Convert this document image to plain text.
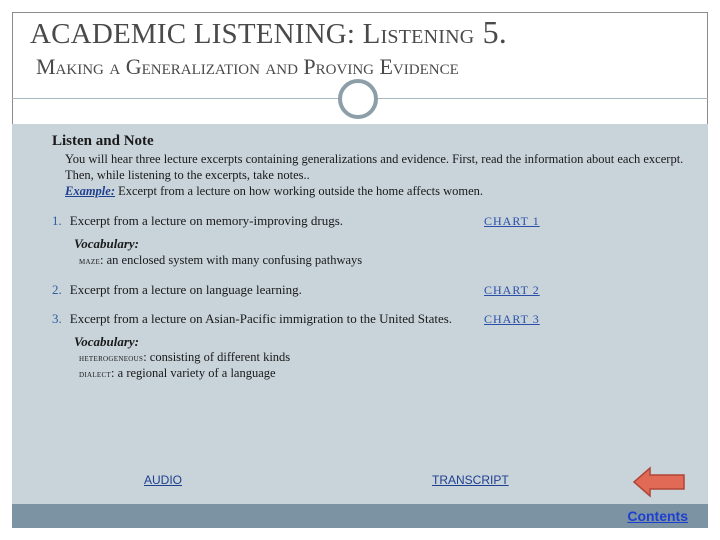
ACADEMIC LISTENING: Listening 5.
Making a Generalization and Proving Evidence
Listen and Note
You will hear three lecture excerpts containing generalizations and evidence. First, read the information about each excerpt. Then, while listening to the excerpts, take notes..
Example: Excerpt from a lecture on how working outside the home affects women.
1. Excerpt from a lecture on memory-improving drugs.	CHART 1
Vocabulary:
maze: an enclosed system with many confusing pathways
2. Excerpt from a lecture on language learning.	CHART 2
3. Excerpt from a lecture on Asian-Pacific immigration to the United States.	CHART 3
Vocabulary:
heterogeneous: consisting of different kinds
dialect: a regional variety of a language
AUDIO	TRANSCRIPT
Contents
